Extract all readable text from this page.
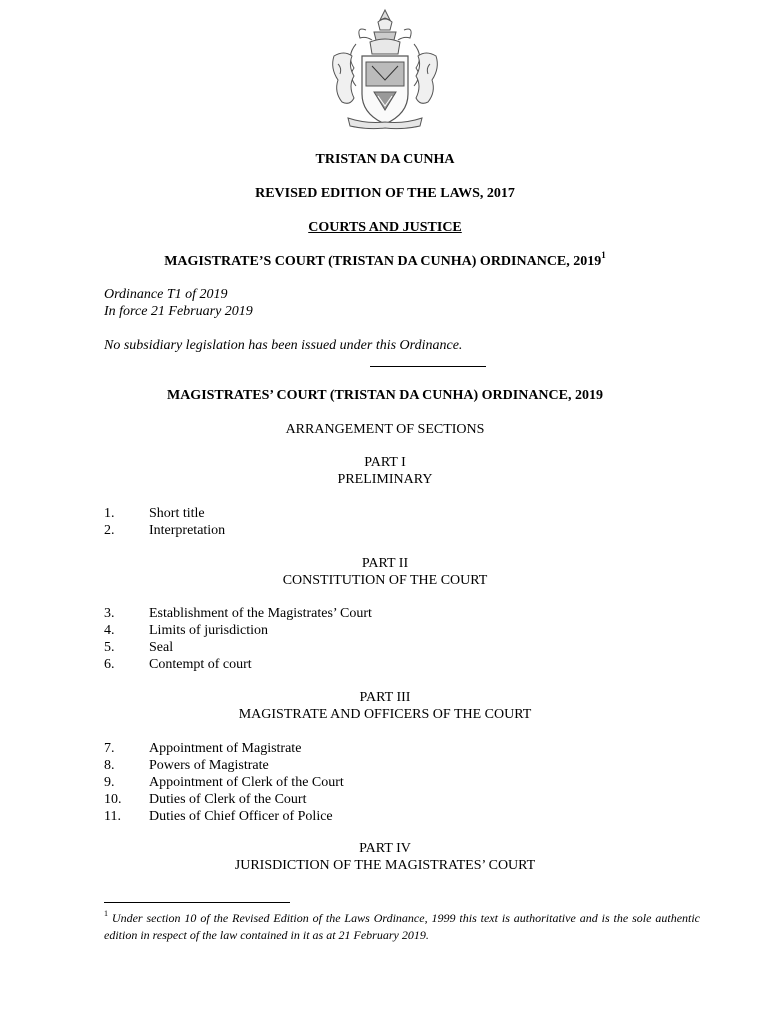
TRISTAN DA CUNHA
REVISED EDITION OF THE LAWS, 2017
COURTS AND JUSTICE
MAGISTRATE’S COURT (TRISTAN DA CUNHA) ORDINANCE, 2019$^1$
Ordinance T1 of 2019
In force 21 February 2019
No subsidiary legislation has been issued under this Ordinance.
MAGISTRATES’ COURT (TRISTAN DA CUNHA) ORDINANCE, 2019
ARRANGEMENT OF SECTIONS
PART I
PRELIMINARY
1.	Short title
2.	Interpretation
PART II
CONSTITUTION OF THE COURT
3.	Establishment of the Magistrates’ Court
4.	Limits of jurisdiction
5.	Seal
6.	Contempt of court
PART III
MAGISTRATE AND OFFICERS OF THE COURT
7.	Appointment of Magistrate
8.	Powers of Magistrate
9.	Appointment of Clerk of the Court
10.	Duties of Clerk of the Court
11.	Duties of Chief Officer of Police
PART IV
JURISDICTION OF THE MAGISTRATES’ COURT
$^1$ Under section 10 of the Revised Edition of the Laws Ordinance, 1999 this text is authoritative and is the sole authentic edition in respect of the law contained in it as at 21 February 2019.
